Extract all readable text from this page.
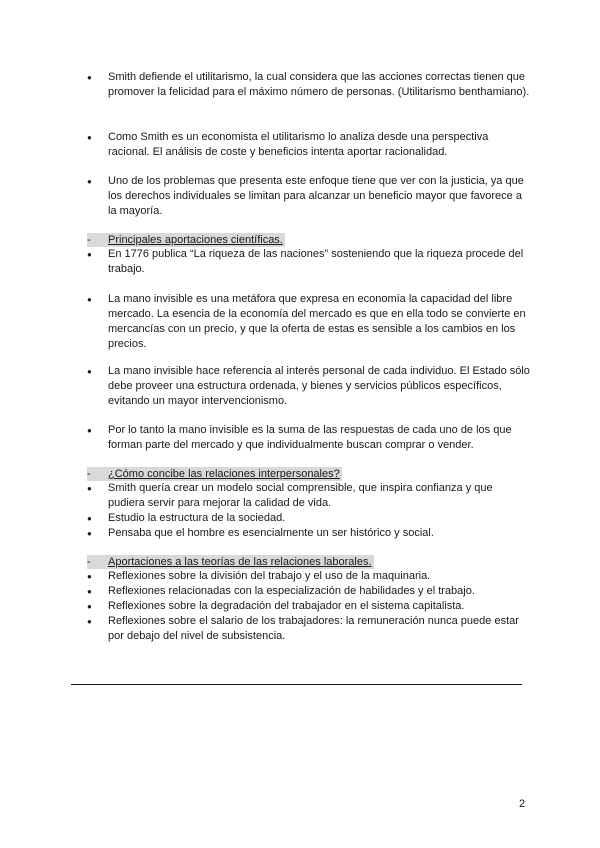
● Smith defiende el utilitarismo, la cual considera que las acciones correctas tienen que promover la felicidad para el máximo número de personas. (Utilitarismo benthamiano).
● Como Smith es un economista el utilitarismo lo analiza desde una perspectiva racional. El análisis de coste y beneficios intenta aportar racionalidad.
● Uno de los problemas que presenta este enfoque tiene que ver con la justicia, ya que los derechos individuales se limitan para alcanzar un beneficio mayor que favorece a la mayoría.
- Principales aportaciones científicas.
● En 1776 publica “La riqueza de las naciones” sosteniendo que la riqueza procede del trabajo.
● La mano invisible es una metáfora que expresa en economía la capacidad del libre mercado. La esencia de la economía del mercado es que en ella todo se convierte en mercancías con un precio, y que la oferta de estas es sensible a los cambios en los precios.
● La mano invisible hace referencia al interés personal de cada individuo. El Estado sólo debe proveer una estructura ordenada, y bienes y servicios públicos específicos, evitando un mayor intervencionismo.
● Por lo tanto la mano invisible es la suma de las respuestas de cada uno de los que forman parte del mercado y que individualmente buscan comprar o vender.
- ¿Cómo concibe las relaciones interpersonales?
● Smith quería crear un modelo social comprensible, que inspira confianza y que pudiera servir para mejorar la calidad de vida.
● Estudio la estructura de la sociedad.
● Pensaba que el hombre es esencialmente un ser histórico y social.
- Aportaciones a las teorías de las relaciones laborales.
● Reflexiones sobre la división del trabajo y el uso de la maquinaria.
● Reflexiones relacionadas con la especialización de habilidades y el trabajo.
● Reflexiones sobre la degradación del trabajador en el sistema capitalista.
● Reflexiones sobre el salario de los trabajadores: la remuneración nunca puede estar por debajo del nivel de subsistencia.
2
